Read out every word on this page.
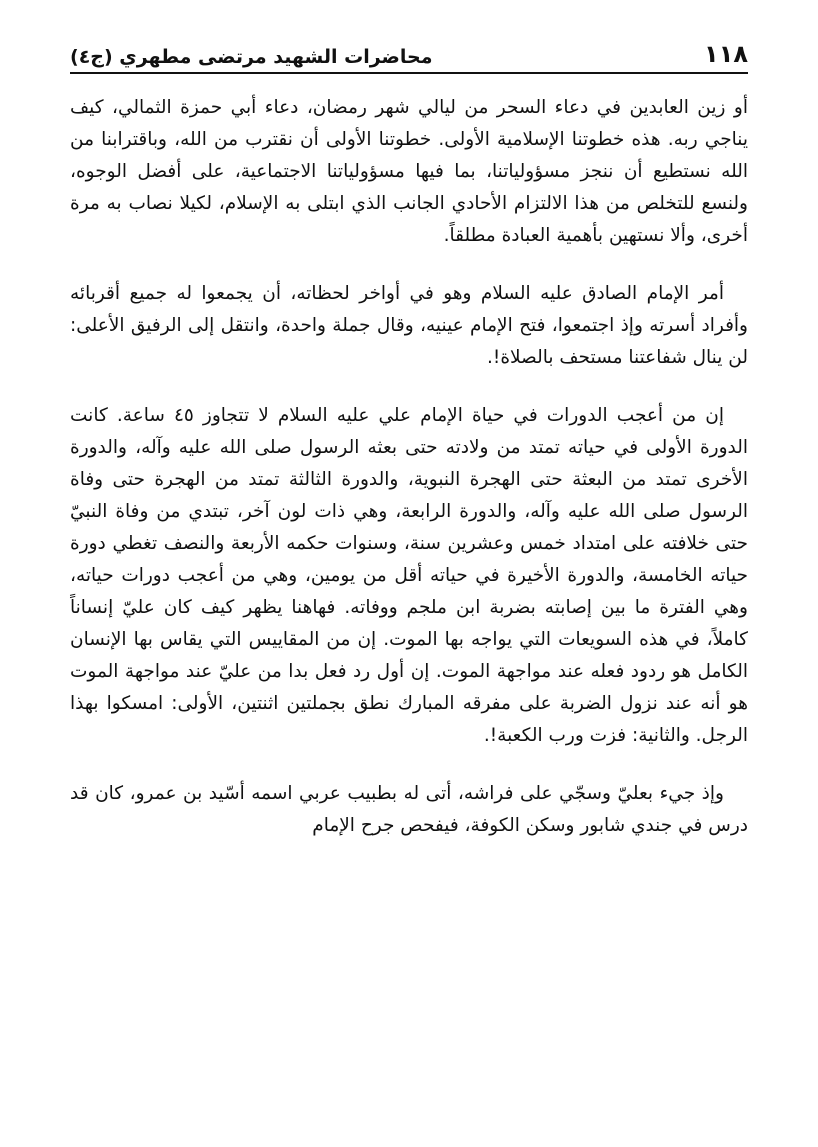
١١٨
محاضرات الشهيد مرتضى مطهري (ج٤)

أو زين العابدين في دعاء السحر من ليالي شهر رمضان، دعاء أبي حمزة الثمالي، كيف يناجي ربه. هذه خطوتنا الإسلامية الأولى. خطوتنا الأولى أن نقترب من الله، وباقترابنا من الله نستطيع أن ننجز مسؤولياتنا، بما فيها مسؤولياتنا الاجتماعية، على أفضل الوجوه، ولنسع للتخلص من هذا الالتزام الأحادي الجانب الذي ابتلى به الإسلام، لكيلا نصاب به مرة أخرى، وألا نستهين بأهمية العبادة مطلقاً.

أمر الإمام الصادق عليه السلام وهو في أواخر لحظاته، أن يجمعوا له جميع أقربائه وأفراد أسرته وإذ اجتمعوا، فتح الإمام عينيه، وقال جملة واحدة، وانتقل إلى الرفيق الأعلى: لن ينال شفاعتنا مستحف بالصلاة!.

إن من أعجب الدورات في حياة الإمام علي عليه السلام لا تتجاوز ٤٥ ساعة. كانت الدورة الأولى في حياته تمتد من ولادته حتى بعثه الرسول صلى الله عليه وآله، والدورة الأخرى تمتد من البعثة حتى الهجرة النبوية، والدورة الثالثة تمتد من الهجرة حتى وفاة الرسول صلى الله عليه وآله، والدورة الرابعة، وهي ذات لون آخر، تبتدي من وفاة النبيّ حتى خلافته على امتداد خمس وعشرين سنة، وسنوات حكمه الأربعة والنصف تغطي دورة حياته الخامسة، والدورة الأخيرة في حياته أقل من يومين، وهي من أعجب دورات حياته، وهي الفترة ما بين إصابته بضربة ابن ملجم ووفاته. فهاهنا يظهر كيف كان عليّ إنساناً كاملاً، في هذه السويعات التي يواجه بها الموت. إن من المقاييس التي يقاس بها الإنسان الكامل هو ردود فعله عند مواجهة الموت. إن أول رد فعل بدا من عليّ عند مواجهة الموت هو أنه عند نزول الضربة على مفرقه المبارك نطق بجملتين اثنتين، الأولى: امسكوا بهذا الرجل. والثانية: فزت ورب الكعبة!.

وإذ جيء بعليّ وسجّي على فراشه، أتى له بطبيب عربي اسمه أسّيد بن عمرو، كان قد درس في جندي شابور وسكن الكوفة، فيفحص جرح الإمام
